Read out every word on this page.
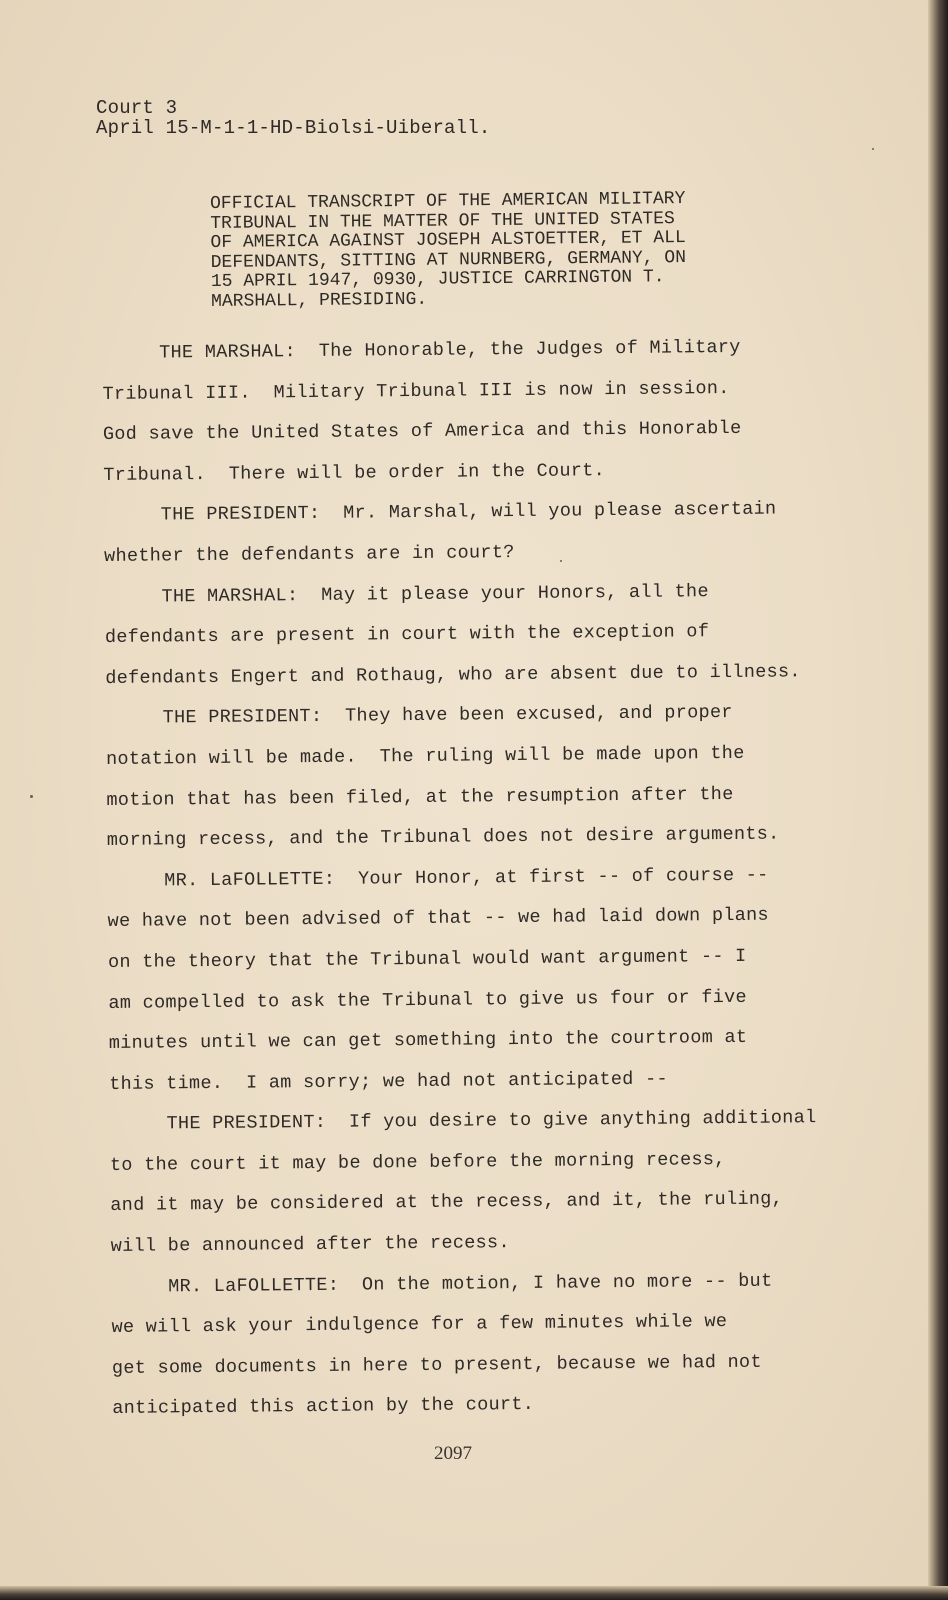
Court 3
April 15-M-1-1-HD-Biolsi-Uiberall.
OFFICIAL TRANSCRIPT OF THE AMERICAN MILITARY
TRIBUNAL IN THE MATTER OF THE UNITED STATES
OF AMERICA AGAINST JOSEPH ALSTOETTER, ET ALL
DEFENDANTS, SITTING AT NURNBERG, GERMANY, ON
15 APRIL 1947, 0930, JUSTICE CARRINGTON T.
MARSHALL, PRESIDING.
THE MARSHAL:  The Honorable, the Judges of Military
Tribunal III.  Military Tribunal III is now in session.
God save the United States of America and this Honorable
Tribunal.  There will be order in the Court.
THE PRESIDENT:  Mr. Marshal, will you please ascertain
whether the defendants are in court?
THE MARSHAL:  May it please your Honors, all the
defendants are present in court with the exception of
defendants Engert and Rothaug, who are absent due to illness.
THE PRESIDENT:  They have been excused, and proper
notation will be made.  The ruling will be made upon the
motion that has been filed, at the resumption after the
morning recess, and the Tribunal does not desire arguments.
MR. LaFOLLETTE:  Your Honor, at first -- of course --
we have not been advised of that -- we had laid down plans
on the theory that the Tribunal would want argument -- I
am compelled to ask the Tribunal to give us four or five
minutes until we can get something into the courtroom at
this time.  I am sorry; we had not anticipated --
THE PRESIDENT:  If you desire to give anything additional
to the court it may be done before the morning recess,
and it may be considered at the recess, and it, the ruling,
will be announced after the recess.
MR. LaFOLLETTE:  On the motion, I have no more -- but
we will ask your indulgence for a few minutes while we
get some documents in here to present, because we had not
anticipated this action by the court.
2097
